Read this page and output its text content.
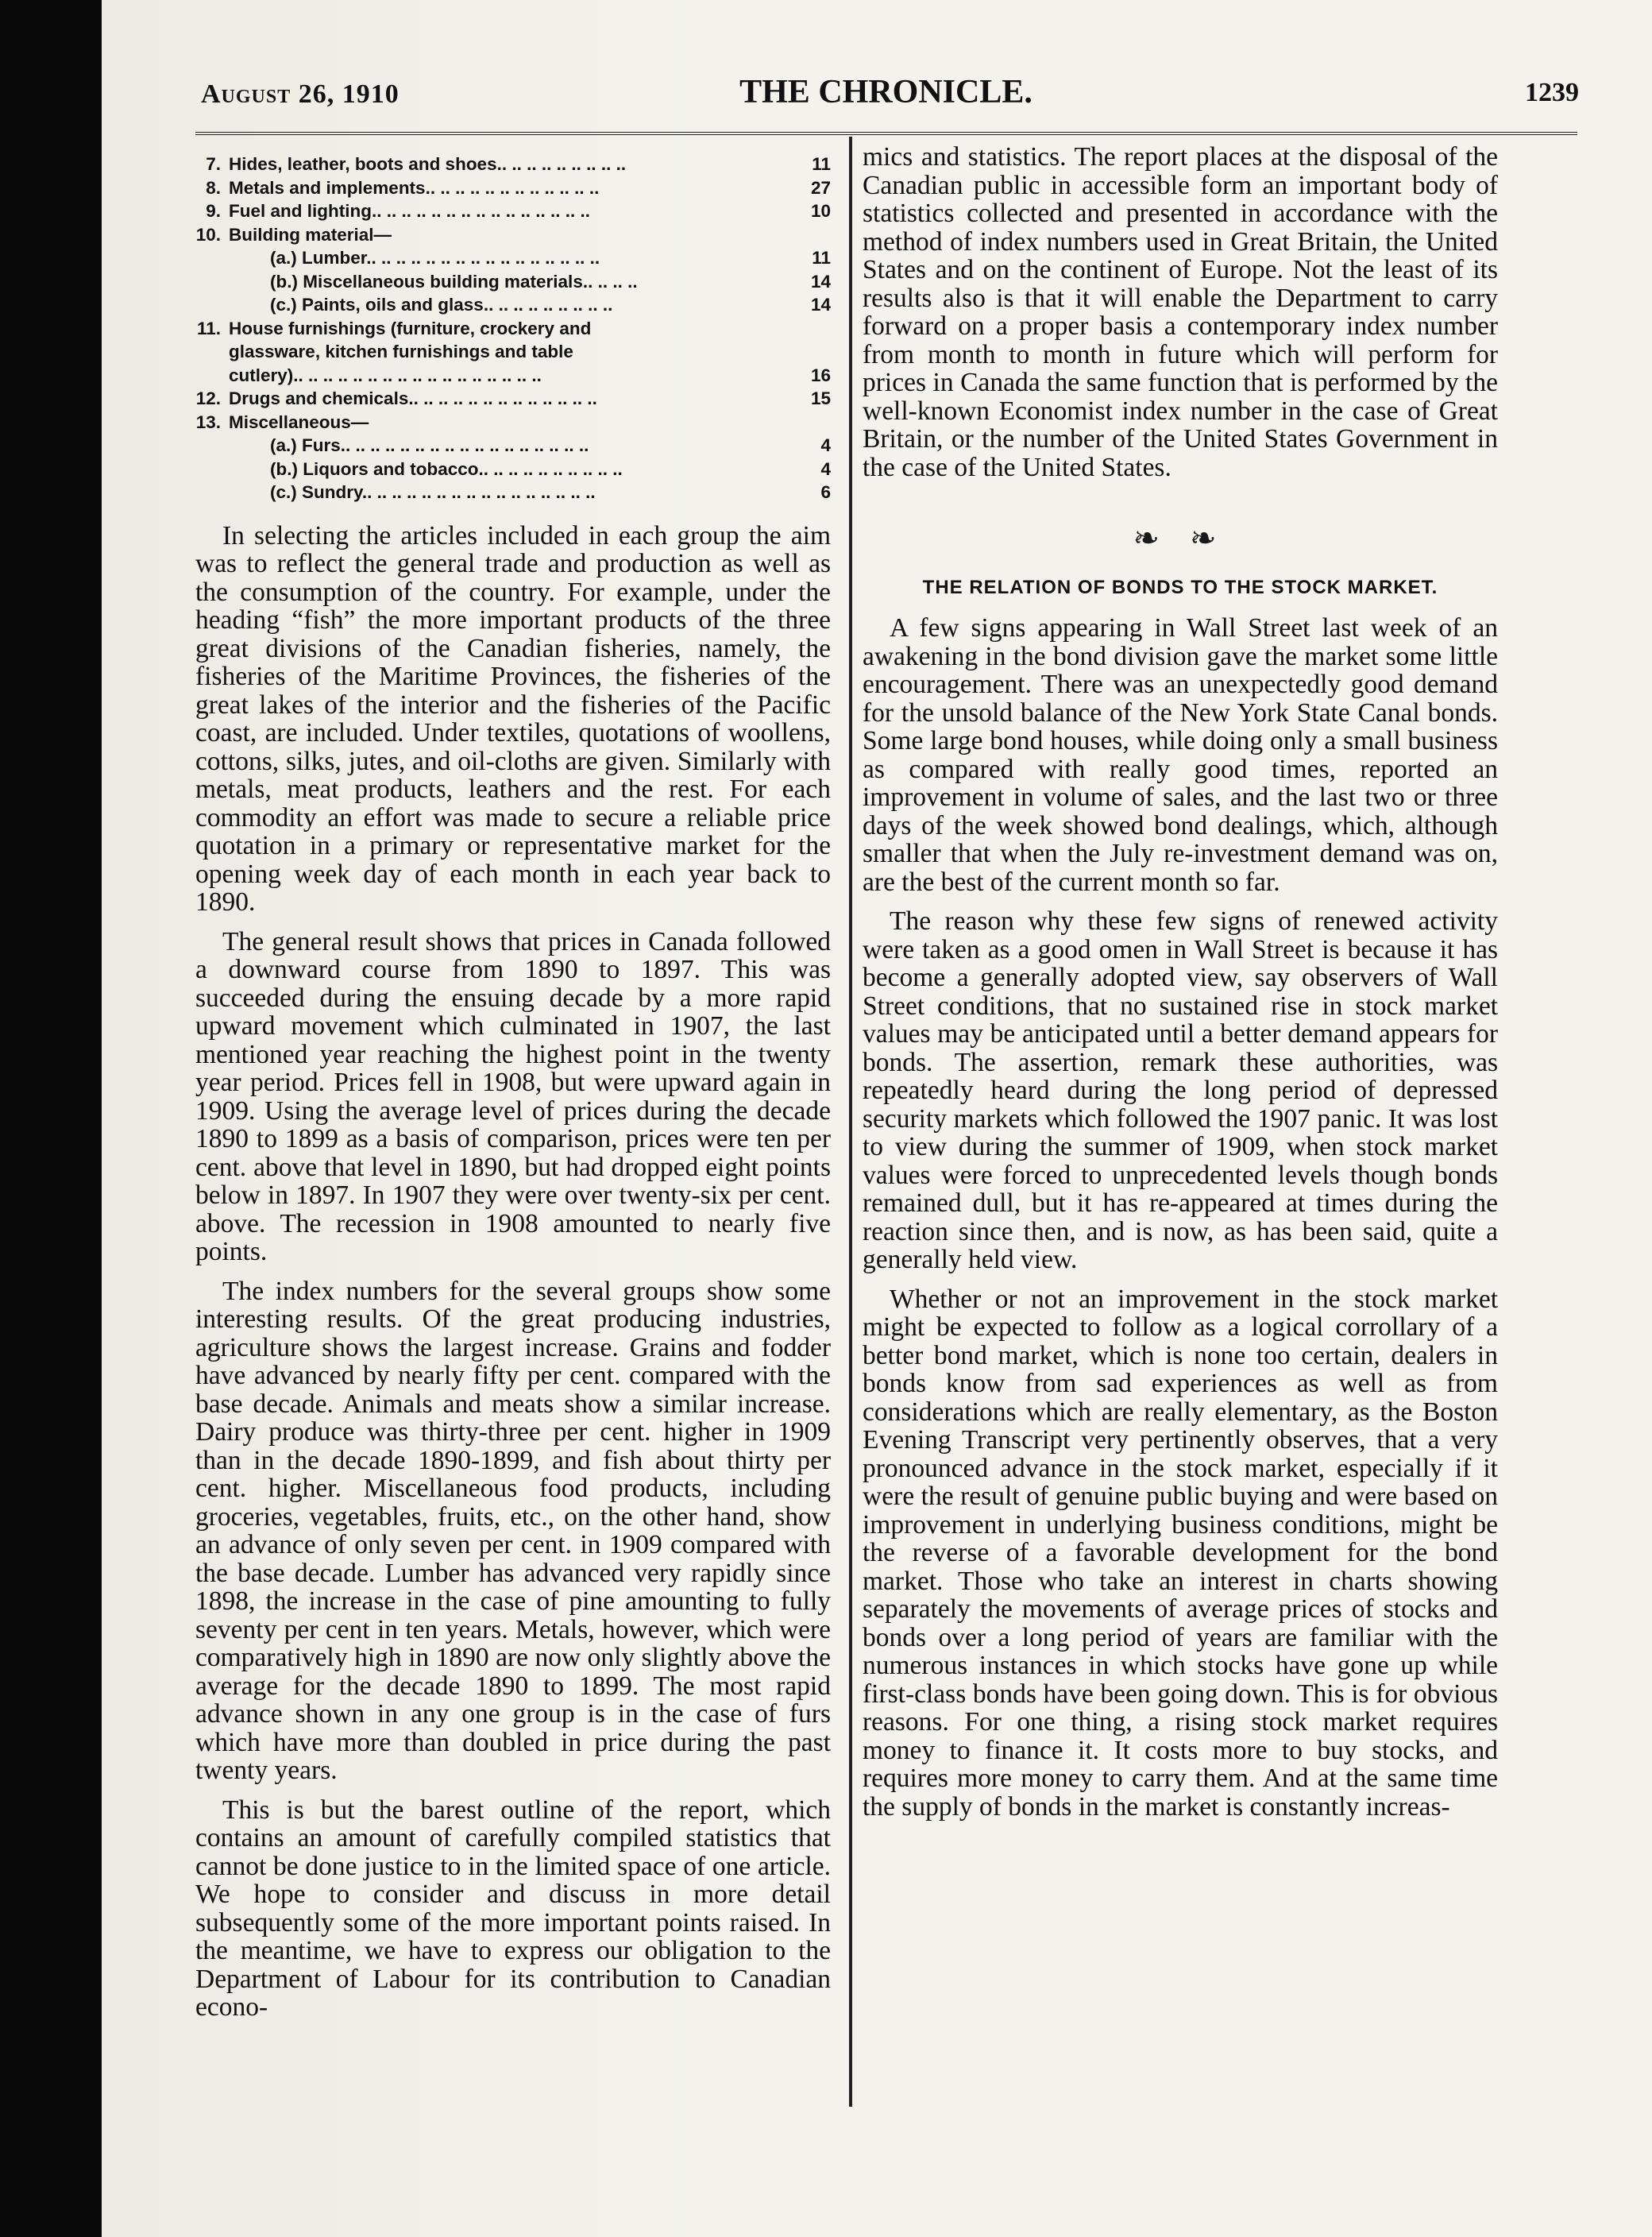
August 26, 1910	THE CHRONICLE.	1239
7. Hides, leather, boots and shoes.. .. .. .. .. .. .. .. ..	11
8. Metals and implements.. .. .. .. .. .. .. .. .. .. .. ..	27
9. Fuel and lighting.. .. .. .. .. .. .. .. .. .. .. .. .. .. ..	10
10. Building material—
(a.) Lumber.. .. .. .. .. .. .. .. .. .. .. .. .. .. .. ..	11
(b.) Miscellaneous building materials.. .. .. ..	14
(c.) Paints, oils and glass.. .. .. .. .. .. .. .. ..	14
11. House furnishings (furniture, crockery and
glassware, kitchen furnishings and table
cutlery).. .. .. .. .. .. .. .. .. .. .. .. .. .. .. .. ..	16
12. Drugs and chemicals.. .. .. .. .. .. .. .. .. .. .. .. ..	15
13. Miscellaneous—
(a.) Furs.. .. .. .. .. .. .. .. .. .. .. .. .. .. .. .. ..	4
(b.) Liquors and tobacco.. .. .. .. .. .. .. .. .. ..	4
(c.) Sundry.. .. .. .. .. .. .. .. .. .. .. .. .. .. .. ..	6

In selecting the articles included in each group the aim was to reflect the general trade and production as well as the consumption of the country. For example, under the heading “fish” the more important products of the three great divisions of the Canadian fisheries, namely, the fisheries of the Maritime Provinces, the fisheries of the great lakes of the interior and the fisheries of the Pacific coast, are included. Under textiles, quotations of woollens, cottons, silks, jutes, and oil-cloths are given. Similarly with metals, meat products, leathers and the rest. For each commodity an effort was made to secure a reliable price quotation in a primary or representative market for the opening week day of each month in each year back to 1890.

The general result shows that prices in Canada followed a downward course from 1890 to 1897. This was succeeded during the ensuing decade by a more rapid upward movement which culminated in 1907, the last mentioned year reaching the highest point in the twenty year period. Prices fell in 1908, but were upward again in 1909. Using the average level of prices during the decade 1890 to 1899 as a basis of comparison, prices were ten per cent. above that level in 1890, but had dropped eight points below in 1897. In 1907 they were over twenty-six per cent. above. The recession in 1908 amounted to nearly five points.

The index numbers for the several groups show some interesting results. Of the great producing industries, agriculture shows the largest increase. Grains and fodder have advanced by nearly fifty per cent. compared with the base decade. Animals and meats show a similar increase. Dairy produce was thirty-three per cent. higher in 1909 than in the decade 1890-1899, and fish about thirty per cent. higher. Miscellaneous food products, including groceries, vegetables, fruits, etc., on the other hand, show an advance of only seven per cent. in 1909 compared with the base decade. Lumber has advanced very rapidly since 1898, the increase in the case of pine amounting to fully seventy per cent in ten years. Metals, however, which were comparatively high in 1890 are now only slightly above the average for the decade 1890 to 1899. The most rapid advance shown in any one group is in the case of furs which have more than doubled in price during the past twenty years.

This is but the barest outline of the report, which contains an amount of carefully compiled statistics that cannot be done justice to in the limited space of one article. We hope to consider and discuss in more detail subsequently some of the more important points raised. In the meantime, we have to express our obligation to the Department of Labour for its contribution to Canadian econo-

mics and statistics. The report places at the disposal of the Canadian public in accessible form an important body of statistics collected and presented in accordance with the method of index numbers used in Great Britain, the United States and on the continent of Europe. Not the least of its results also is that it will enable the Department to carry forward on a proper basis a contemporary index number from month to month in future which will perform for prices in Canada the same function that is performed by the well-known Economist index number in the case of Great Britain, or the number of the United States Government in the case of the United States.

❧ ❧
THE RELATION OF BONDS TO THE STOCK MARKET.

A few signs appearing in Wall Street last week of an awakening in the bond division gave the market some little encouragement. There was an unexpectedly good demand for the unsold balance of the New York State Canal bonds. Some large bond houses, while doing only a small business as compared with really good times, reported an improvement in volume of sales, and the last two or three days of the week showed bond dealings, which, although smaller that when the July re-investment demand was on, are the best of the current month so far.

The reason why these few signs of renewed activity were taken as a good omen in Wall Street is because it has become a generally adopted view, say observers of Wall Street conditions, that no sustained rise in stock market values may be anticipated until a better demand appears for bonds. The assertion, remark these authorities, was repeatedly heard during the long period of depressed security markets which followed the 1907 panic. It was lost to view during the summer of 1909, when stock market values were forced to unprecedented levels though bonds remained dull, but it has re-appeared at times during the reaction since then, and is now, as has been said, quite a generally held view.

Whether or not an improvement in the stock market might be expected to follow as a logical corrollary of a better bond market, which is none too certain, dealers in bonds know from sad experiences as well as from considerations which are really elementary, as the Boston Evening Transcript very pertinently observes, that a very pronounced advance in the stock market, especially if it were the result of genuine public buying and were based on improvement in underlying business conditions, might be the reverse of a favorable development for the bond market. Those who take an interest in charts showing separately the movements of average prices of stocks and bonds over a long period of years are familiar with the numerous instances in which stocks have gone up while first-class bonds have been going down. This is for obvious reasons. For one thing, a rising stock market requires money to finance it. It costs more to buy stocks, and requires more money to carry them. And at the same time the supply of bonds in the market is constantly increas-
